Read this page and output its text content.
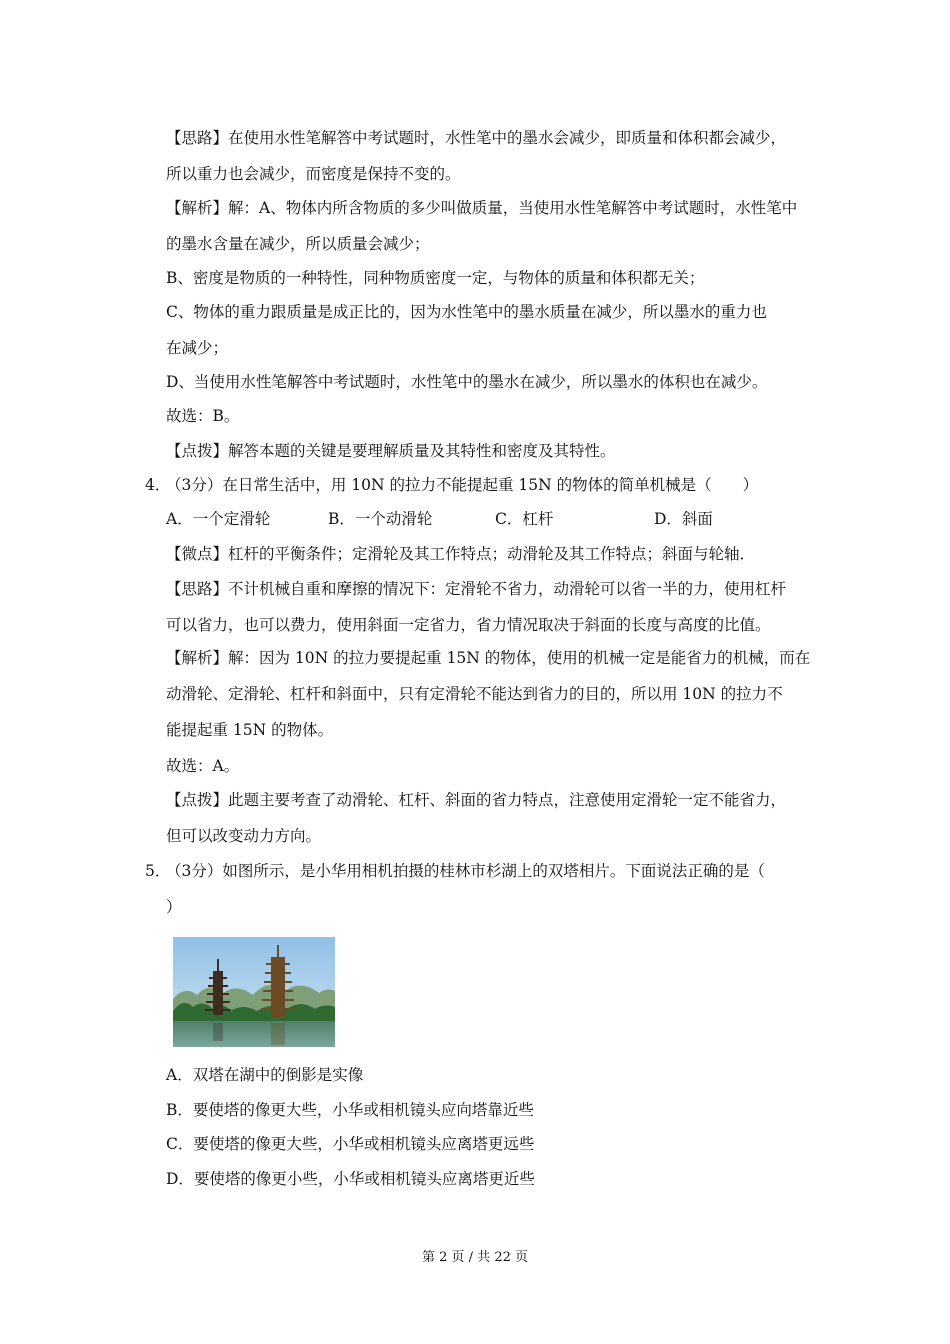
【思路】在使用水性笔解答中考试题时，水性笔中的墨水会减少，即质量和体积都会减少，
所以重力也会减少，而密度是保持不变的。
【解析】解：A、物体内所含物质的多少叫做质量，当使用水性笔解答中考试题时，水性笔中
的墨水含量在减少，所以质量会减少；
B、密度是物质的一种特性，同种物质密度一定，与物体的质量和体积都无关；
C、物体的重力跟质量是成正比的，因为水性笔中的墨水质量在减少，所以墨水的重力也
在减少；
D、当使用水性笔解答中考试题时，水性笔中的墨水在减少，所以墨水的体积也在减少。
故选：B。
【点拨】解答本题的关键是要理解质量及其特性和密度及其特性。
4．
（3分）在日常生活中，用 10N 的拉力不能提起重 15N 的物体的简单机械是（　　）
A．一个定滑轮	B．一个动滑轮	C．杠杆	D．斜面
【微点】杠杆的平衡条件；定滑轮及其工作特点；动滑轮及其工作特点；斜面与轮轴．
【思路】不计机械自重和摩擦的情况下：定滑轮不省力，动滑轮可以省一半的力，使用杠杆
可以省力，也可以费力，使用斜面一定省力，省力情况取决于斜面的长度与高度的比值。
【解析】解：因为 10N 的拉力要提起重 15N 的物体，使用的机械一定是能省力的机械，而在
动滑轮、定滑轮、杠杆和斜面中，只有定滑轮不能达到省力的目的，所以用 10N 的拉力不
能提起重 15N 的物体。
故选：A。
【点拨】此题主要考查了动滑轮、杠杆、斜面的省力特点，注意使用定滑轮一定不能省力，
但可以改变动力方向。
5．
（3分）如图所示，是小华用相机拍摄的桂林市杉湖上的双塔相片。下面说法正确的是（
）
A．双塔在湖中的倒影是实像
B．要使塔的像更大些，小华或相机镜头应向塔靠近些
C．要使塔的像更大些，小华或相机镜头应离塔更远些
D．要使塔的像更小些，小华或相机镜头应离塔更近些
第 2 页 / 共 22 页
